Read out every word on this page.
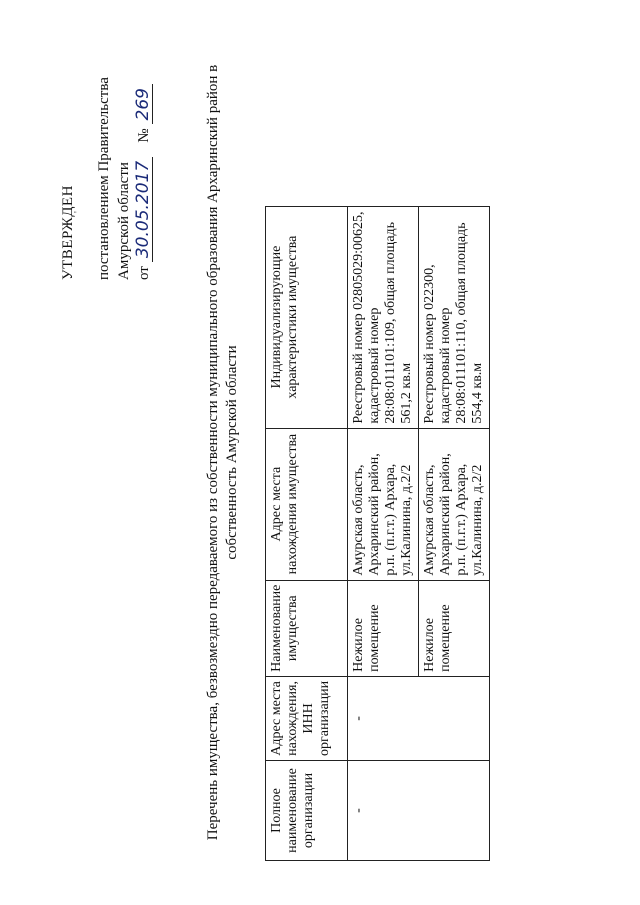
'
УТВЕРЖДЕН постановлением Правительства Амурской области от
30.05.2017
№
269	Перечень имущества, безвозмездно передаваемого из собственности муниципального образования Архаринский район в собственность Амурской области
Полное наименование организации	Адрес места нахождения, ИНН организации	Наименование имущества	Адрес места нахождения имущества	Индивидуализирующие характеристики имущества
-	-	Нежилое помещение	Амурская область, Архаринский район, р.п. (п.г.т.) Архара, ул.Калинина, д.2/2	Реестровый номер 0280502​9:00625, кадастровый номер 28:08:011101:109, общая площадь 561,2 кв.м
		Нежилое помещение	Амурская область, Архаринский район, р.п. (п.г.т.) Архара, ул.Калинина, д.2/2	Реестровый номер 022300, кадастровый номер 28:08:011101:110, общая площадь 554,4 кв.м
